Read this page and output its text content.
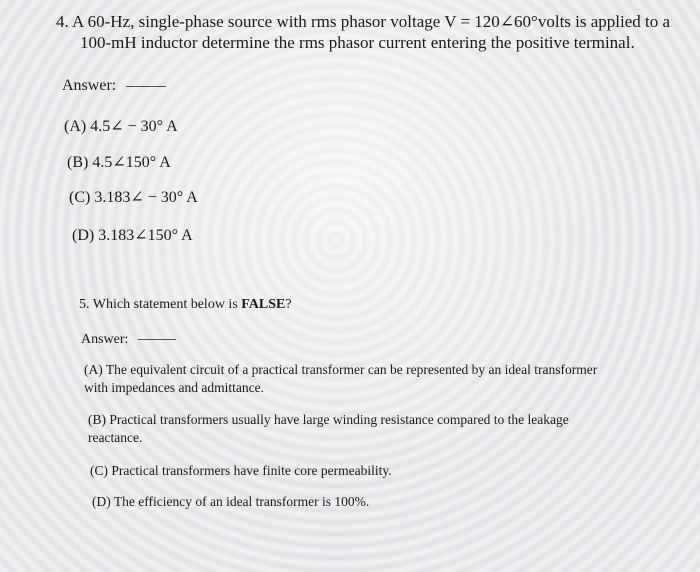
4. A 60-Hz, single-phase source with rms phasor voltage V = 120∠60°volts is applied to a
100-mH inductor determine the rms phasor current entering the positive terminal.
Answer:
(A) 4.5∠ − 30° A
(B) 4.5∠150° A
(C) 3.183∠ − 30° A
(D) 3.183∠150° A
5. Which statement below is FALSE?
Answer:
(A) The equivalent circuit of a practical transformer can be represented by an ideal transformer
with impedances and admittance.
(B) Practical transformers usually have large winding resistance compared to the leakage
reactance.
(C) Practical transformers have finite core permeability.
(D) The efficiency of an ideal transformer is 100%.
